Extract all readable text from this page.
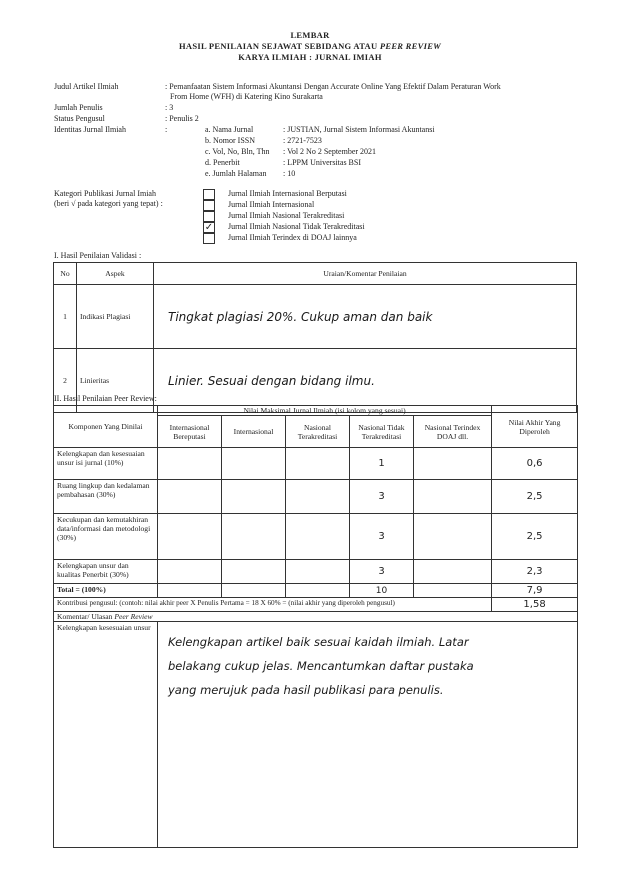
LEMBAR
HASIL PENILAIAN SEJAWAT SEBIDANG ATAU PEER REVIEW
KARYA ILMIAH : JURNAL IMIAH
Judul Artikel Ilmiah	: Pemanfaatan Sistem Informasi Akuntansi Dengan Accurate Online Yang Efektif Dalam Peraturan Work
From Home (WFH) di Katering Kino Surakarta
Jumlah Penulis	: 3
Status Pengusul	: Penulis 2
Identitas Jurnal Ilmiah	:	a. Nama Jurnal	: JUSTIAN, Jurnal Sistem Informasi Akuntansi
b. Nomor ISSN	: 2721-7523
c. Vol, No, Bln, Thn : Vol 2 No 2 September 2021
d. Penerbit	: LPPM Universitas BSI
e. Jumlah Halaman : 10
Kategori Publikasi Jurnal Imiah
(beri √ pada kategori yang tepat) :
Jurnal Ilmiah Internasional Berputasi
Jurnal Ilmiah Internasional
Jurnal Ilmiah Nasional Terakreditasi
✓ Jurnal Ilmiah Nasional Tidak Terakreditasi
Jurnal Ilmiah Terindex di DOAJ lainnya
I. Hasil Penilaian Validasi :
No	Aspek	Uraian/Komentar Penilaian
1	Indikasi Plagiasi	Tingkat plagiasi 20%. Cukup aman dan baik
2	Linieritas	Linier. Sesuai dengan bidang ilmu.
II. Hasil Penilaian Peer Review:
Komponen Yang Dinilai	Nilai Maksimal Jurnal Ilmiah (isi kolom yang sesuai)					Nilai Akhir Yang Diperoleh
	Internasional Bereputasi	Internasional	Nasional Terakreditasi	Nasional Tidak Terakreditasi	Nasional Terindex DOAJ dll.	
Kelengkapan dan kesesuaian unsur isi jurnal (10%)				1		0,6
Ruang lingkup dan kedalaman pembahasan (30%)				3		2,5
Kecukupan dan kemutakhiran data/informasi dan metodologi (30%)				3		2,5
Kelengkapan unsur dan kualitas Penerbit (30%)				3		2,3
Total = (100%)				10		7,9
Kontribusi pengusul: (contoh: nilai akhir peer X Penulis Pertama = 18 X 60% = (nilai akhir yang diperoleh pengusul)						1,58
Komentar/ Ulasan Peer Review						
Kelengkapan kesesuaian unsur	Kelengkapan artikel baik sesuai kaidah ilmiah. Latar
belakang cukup jelas. Mencantumkan daftar pustaka
yang merujuk pada hasil publikasi para penulis.					
